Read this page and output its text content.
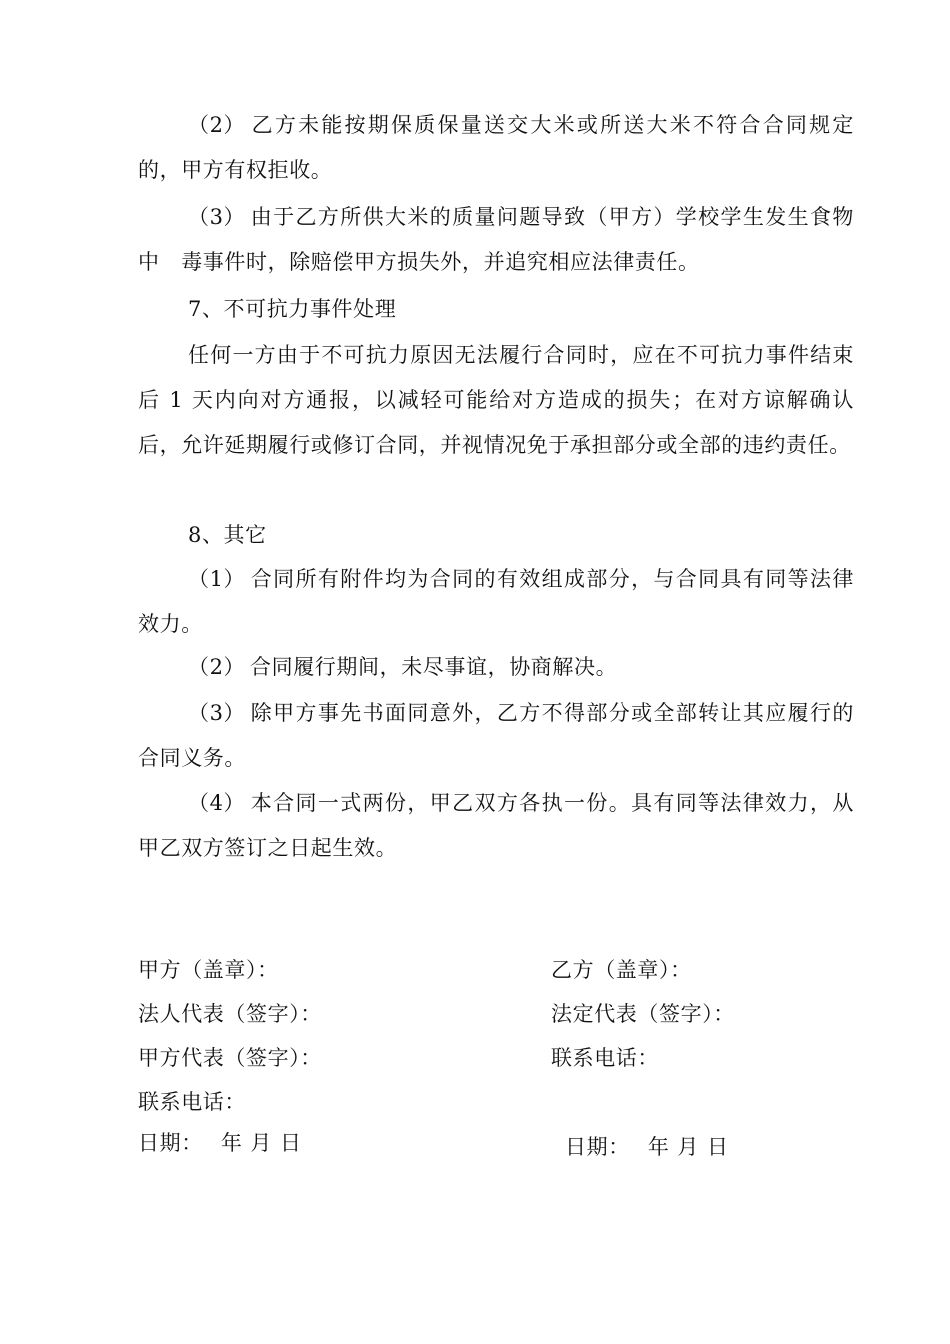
（2） 乙方未能按期保质保量送交大米或所送大米不符合合同规定的，甲方有权拒收。

（3） 由于乙方所供大米的质量问题导致（甲方）学校学生发生食物中　毒事件时，除赔偿甲方损失外，并追究相应法律责任。

7、不可抗力事件处理

任何一方由于不可抗力原因无法履行合同时，应在不可抗力事件结束后 1 天内向对方通报，以减轻可能给对方造成的损失；在对方谅解确认后，允许延期履行或修订合同，并视情况免于承担部分或全部的违约责任。

8、其它

（1） 合同所有附件均为合同的有效组成部分，与合同具有同等法律效力。

（2） 合同履行期间，未尽事谊，协商解决。

（3） 除甲方事先书面同意外，乙方不得部分或全部转让其应履行的合同义务。

（4） 本合同一式两份，甲乙双方各执一份。具有同等法律效力，从甲乙双方签订之日起生效。

甲方（盖章）：
法人代表（签字）：
甲方代表（签字）：
联系电话：
日期： 年 月 日
乙方（盖章）：
法定代表（签字）：
联系电话：
日期： 年 月 日
